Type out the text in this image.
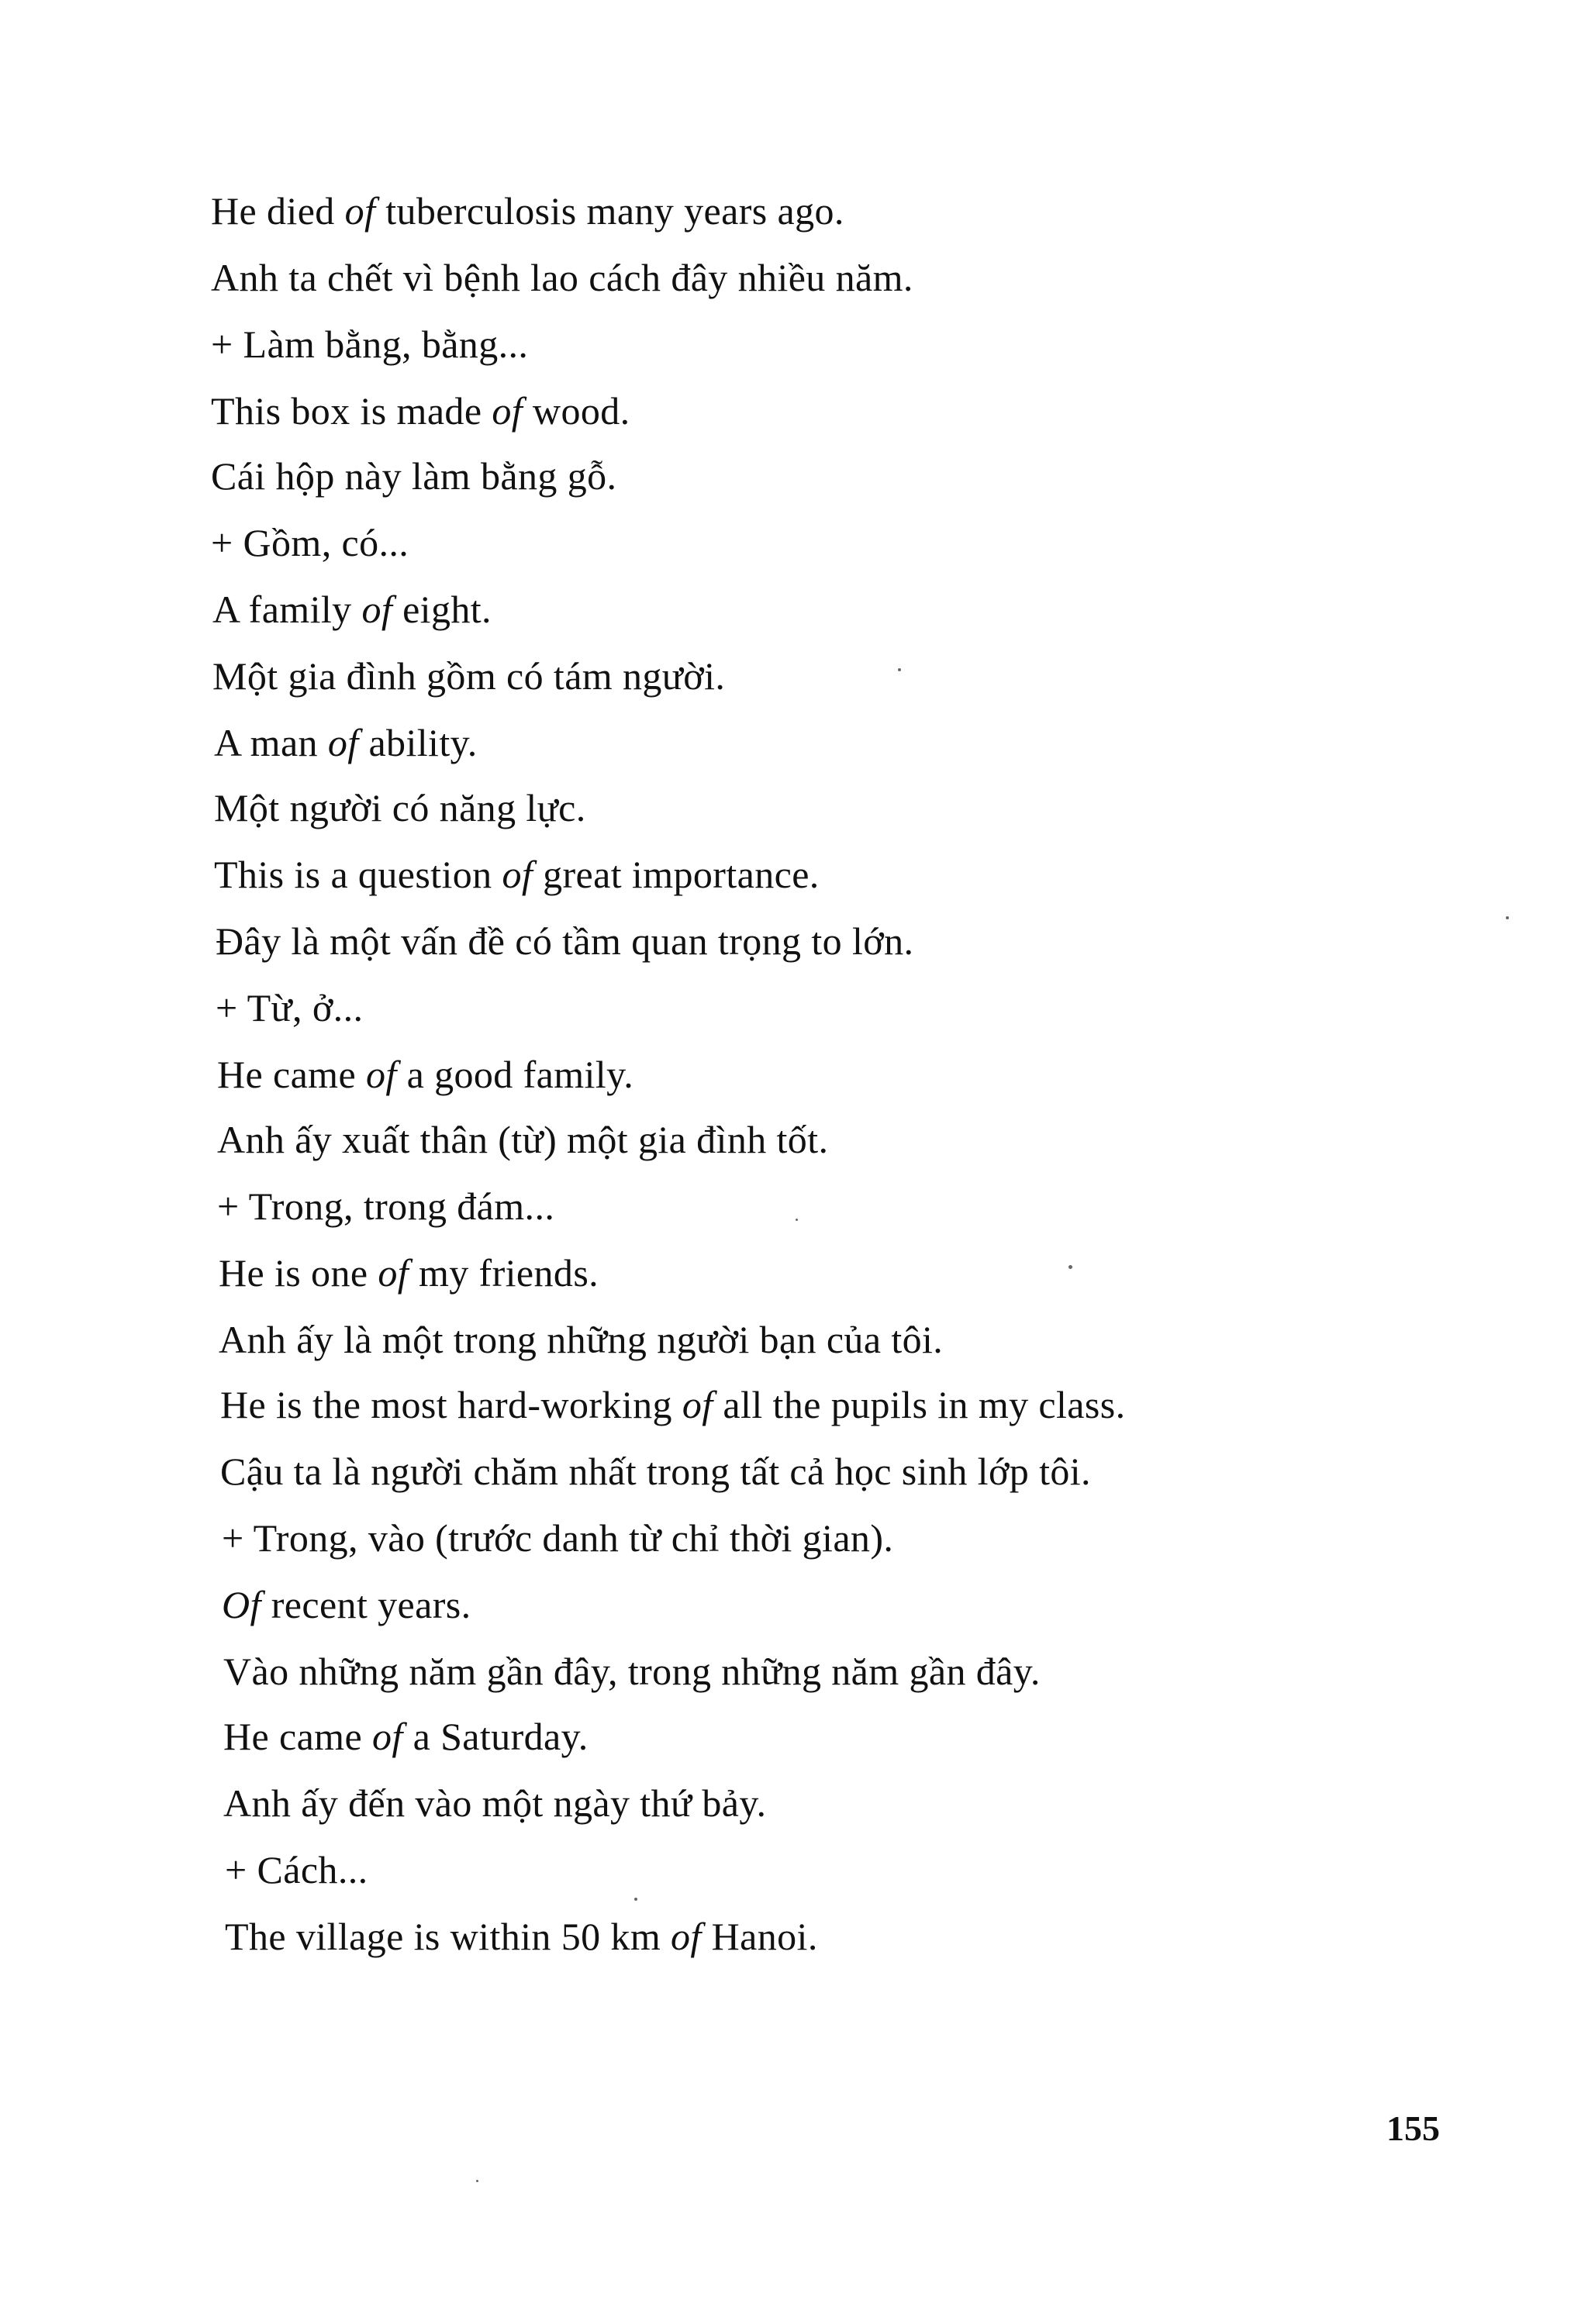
He died of tuberculosis many years ago.
Anh ta chết vì bệnh lao cách đây nhiều năm.
+ Làm bằng, bằng...
This box is made of wood.
Cái hộp này làm bằng gỗ.
+ Gồm, có...
A family of eight.
Một gia đình gồm có tám người.
A man of ability.
Một người có năng lực.
This is a question of great importance.
Đây là một vấn đề có tầm quan trọng to lớn.
+ Từ, ở...
He came of a good family.
Anh ấy xuất thân (từ) một gia đình tốt.
+ Trong, trong đám...
He is one of my friends.
Anh ấy là một trong những người bạn của tôi.
He is the most hard-working of all the pupils in my class.
Cậu ta là người chăm nhất trong tất cả học sinh lớp tôi.
+ Trong, vào (trước danh từ chỉ thời gian).
Of recent years.
Vào những năm gần đây, trong những năm gần đây.
He came of a Saturday.
Anh ấy đến vào một ngày thứ bảy.
+ Cách...
The village is within 50 km of Hanoi.
155
